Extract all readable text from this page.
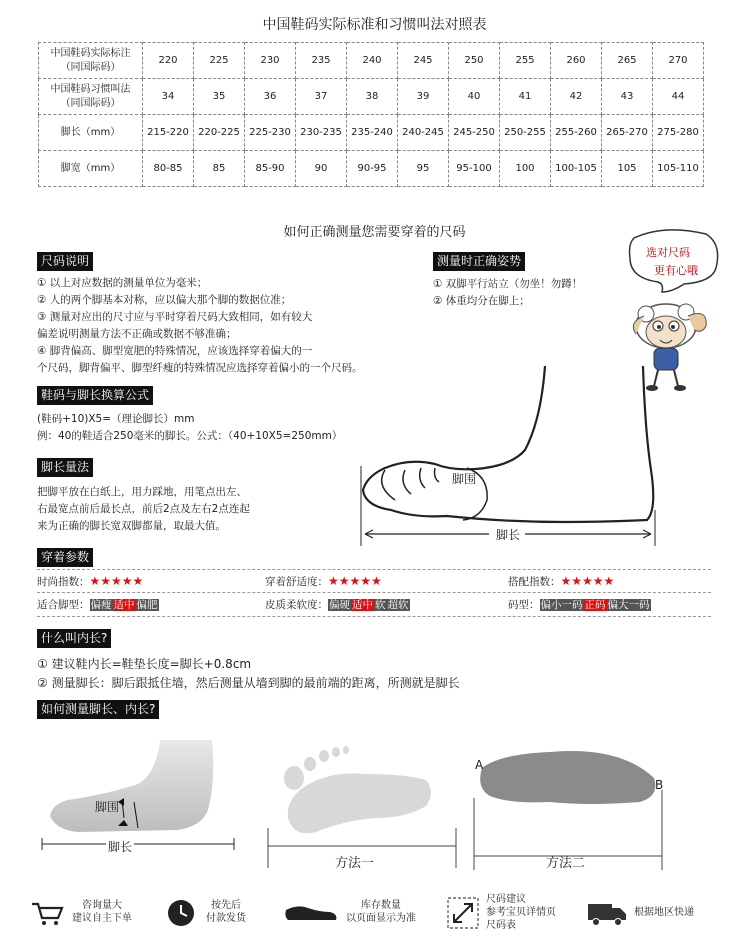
中国鞋码实际标准和习惯叫法对照表
中国鞋码实际标注
（同国际码）	220	225	230	235	240	245	250	255	260	265	270
中国鞋码习惯叫法
（同国际码）	34	35	36	37	38	39	40	41	42	43	44
脚长（mm）	215-220	220-225	225-230	230-235	235-240	240-245	245-250	250-255	255-260	265-270	275-280
脚宽（mm）	80-85	85	85-90	90	90-95	95	95-100	100	100-105	105	105-110
如何正确测量您需要穿着的尺码
尺码说明
① 以上对应数据的测量单位为毫米；
② 人的两个脚基本对称，应以偏大那个脚的数据位准；
③ 测量对应出的尺寸应与平时穿着尺码大致相同，如有较大
偏差说明测量方法不正确或数据不够准确；
④ 脚背偏高、脚型宽肥的特殊情况，应该选择穿着偏大的一
个尺码，脚背偏平、脚型纤瘦的特殊情况应选择穿着偏小的一个尺码。
测量时正确姿势
① 双脚平行站立（勿坐！勿蹲！
② 体重均分在脚上；
选对尺码
更有心哦
鞋码与脚长换算公式
(鞋码+10)X5=（理论脚长）mm
例：40的鞋适合250毫米的脚长。公式：（40+10X5=250mm）
脚长量法
把脚平放在白纸上，用力踩地，用笔点出左、
右最宽点前后最长点，前后2点及左右2点连起
来为正确的脚长宽双脚都量，取最大值。
脚围
脚长
穿着参数
时尚指数：★★★★★	穿着舒适度：★★★★★	搭配指数：★★★★★
适合脚型：偏瘦 适中 偏肥	皮质柔软度：偏硬 适中 软 超软	码型：偏小一码 正码 偏大一码
什么叫内长?
① 建议鞋内长=鞋垫长度=脚长+0.8cm
② 测量脚长：脚后跟抵住墙，然后测量从墙到脚的最前端的距离，所测就是脚长
如何测量脚长、内长?
脚围
脚长
方法一
A
B
方法二
咨询量大
建议自主下单
按先后
付款发货
库存数量
以页面显示为准
尺码建议
参考宝贝详情页
尺码表
根据地区快递
